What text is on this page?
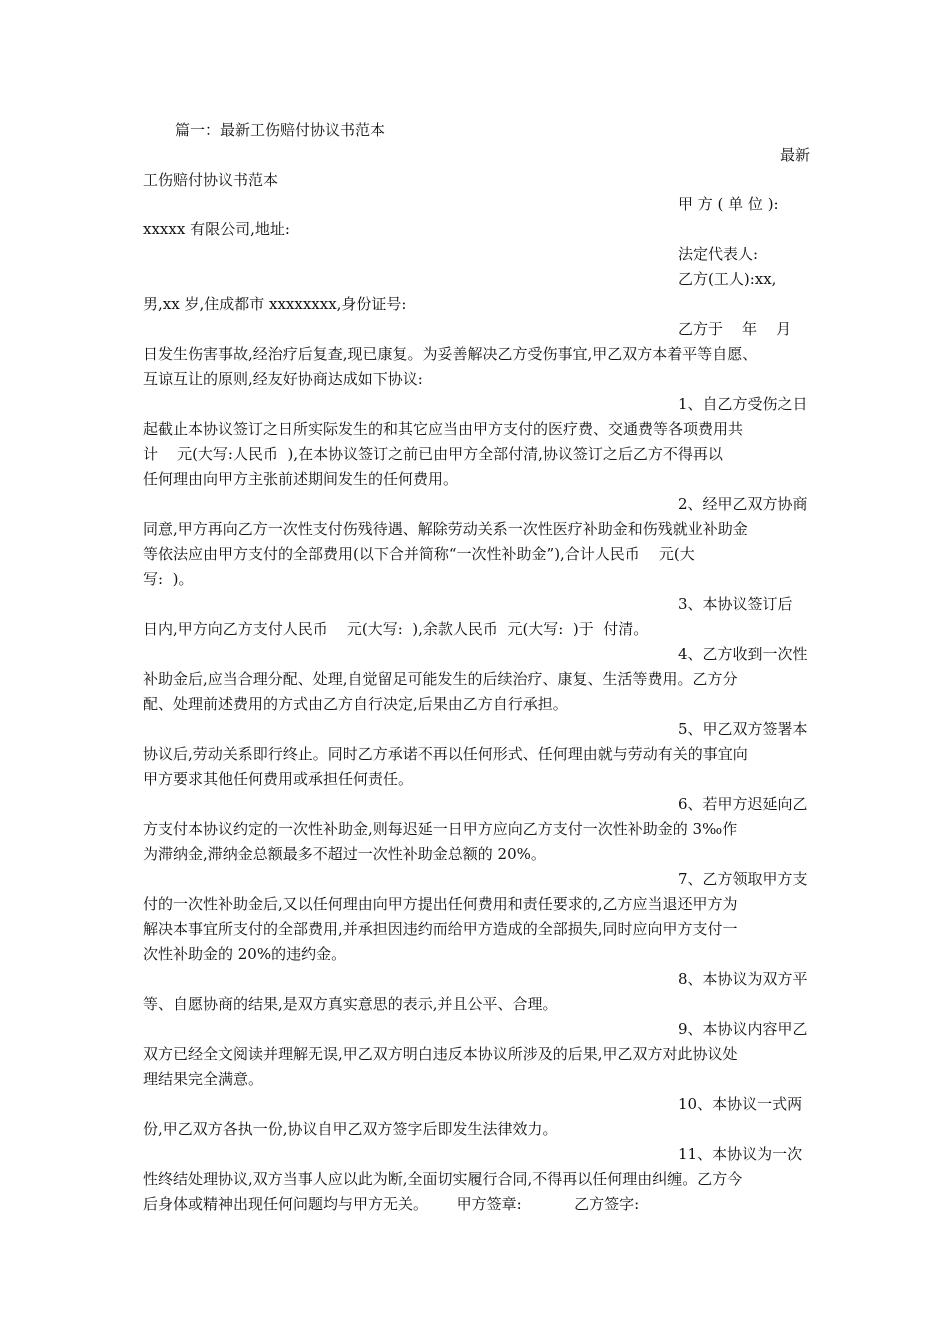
篇一：最新工伤赔付协议书范本
最新
工伤赔付协议书范本
甲 方 ( 单 位 ):
xxxxx 有限公司,地址:
法定代表人:
乙方(工人):xx,
男,xx 岁,住成都市 xxxxxxxx,身份证号:
乙方于    年    月
日发生伤害事故,经治疗后复查,现已康复。为妥善解决乙方受伤事宜,甲乙双方本着平等自愿、
互谅互让的原则,经友好协商达成如下协议:
1、自乙方受伤之日
起截止本协议签订之日所实际发生的和其它应当由甲方支付的医疗费、交通费等各项费用共
计    元(大写:人民币  ),在本协议签订之前已由甲方全部付清,协议签订之后乙方不得再以
任何理由向甲方主张前述期间发生的任何费用。
2、经甲乙双方协商
同意,甲方再向乙方一次性支付伤残待遇、解除劳动关系一次性医疗补助金和伤残就业补助金
等依法应由甲方支付的全部费用(以下合并简称“一次性补助金”),合计人民币    元(大
写:  )。
3、本协议签订后
日内,甲方向乙方支付人民币    元(大写:  ),余款人民币  元(大写:  )于  付清。
4、乙方收到一次性
补助金后,应当合理分配、处理,自觉留足可能发生的后续治疗、康复、生活等费用。乙方分
配、处理前述费用的方式由乙方自行决定,后果由乙方自行承担。
5、甲乙双方签署本
协议后,劳动关系即行终止。同时乙方承诺不再以任何形式、任何理由就与劳动有关的事宜向
甲方要求其他任何费用或承担任何责任。
6、若甲方迟延向乙
方支付本协议约定的一次性补助金,则每迟延一日甲方应向乙方支付一次性补助金的 3‰作
为滞纳金,滞纳金总额最多不超过一次性补助金总额的 20%。
7、乙方领取甲方支
付的一次性补助金后,又以任何理由向甲方提出任何费用和责任要求的,乙方应当退还甲方为
解决本事宜所支付的全部费用,并承担因违约而给甲方造成的全部损失,同时应向甲方支付一
次性补助金的 20%的违约金。
8、本协议为双方平
等、自愿协商的结果,是双方真实意思的表示,并且公平、合理。
9、本协议内容甲乙
双方已经全文阅读并理解无误,甲乙双方明白违反本协议所涉及的后果,甲乙双方对此协议处
理结果完全满意。
10、本协议一式两
份,甲乙双方各执一份,协议自甲乙双方签字后即发生法律效力。
11、本协议为一次
性终结处理协议,双方当事人应以此为断,全面切实履行合同,不得再以任何理由纠缠。乙方今
后身体或精神出现任何问题均与甲方无关。      甲方签章:           乙方签字:
